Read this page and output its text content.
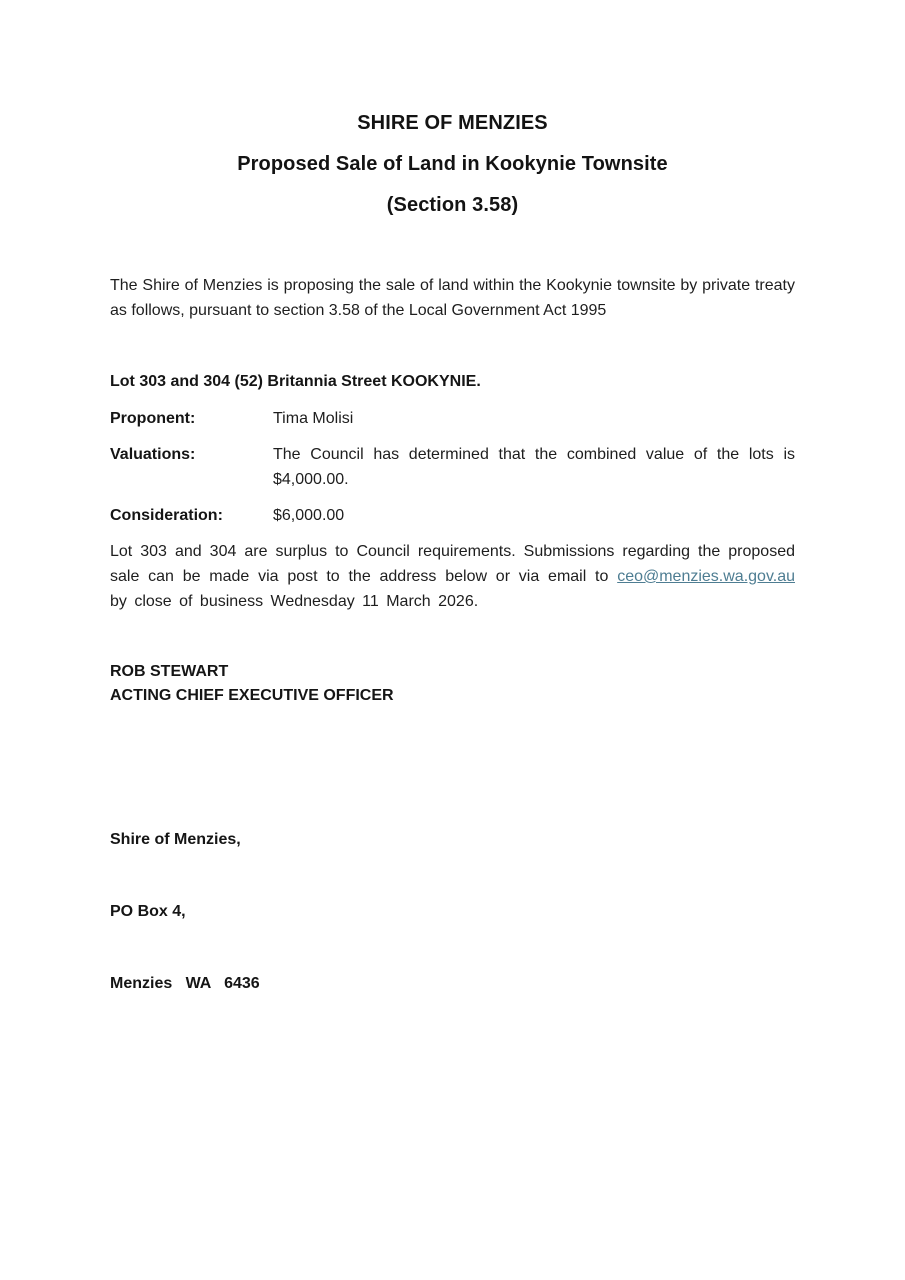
SHIRE OF MENZIES
Proposed Sale of Land in Kookynie Townsite
(Section 3.58)

The Shire of Menzies is proposing the sale of land within the Kookynie townsite by private treaty as follows, pursuant to section 3.58 of the Local Government Act 1995

Lot 303 and 304 (52) Britannia Street KOOKYNIE.

Proponent:	Tima Molisi
Valuations:	The Council has determined that the combined value of the lots is $4,000.00.
Consideration:	$6,000.00

Lot 303 and 304 are surplus to Council requirements. Submissions regarding the proposed sale can be made via post to the address below or via email to ceo@menzies.wa.gov.au by close of business Wednesday 11 March 2026.

ROB STEWART
ACTING CHIEF EXECUTIVE OFFICER

Shire of Menzies,

PO Box 4,

Menzies   WA   6436
